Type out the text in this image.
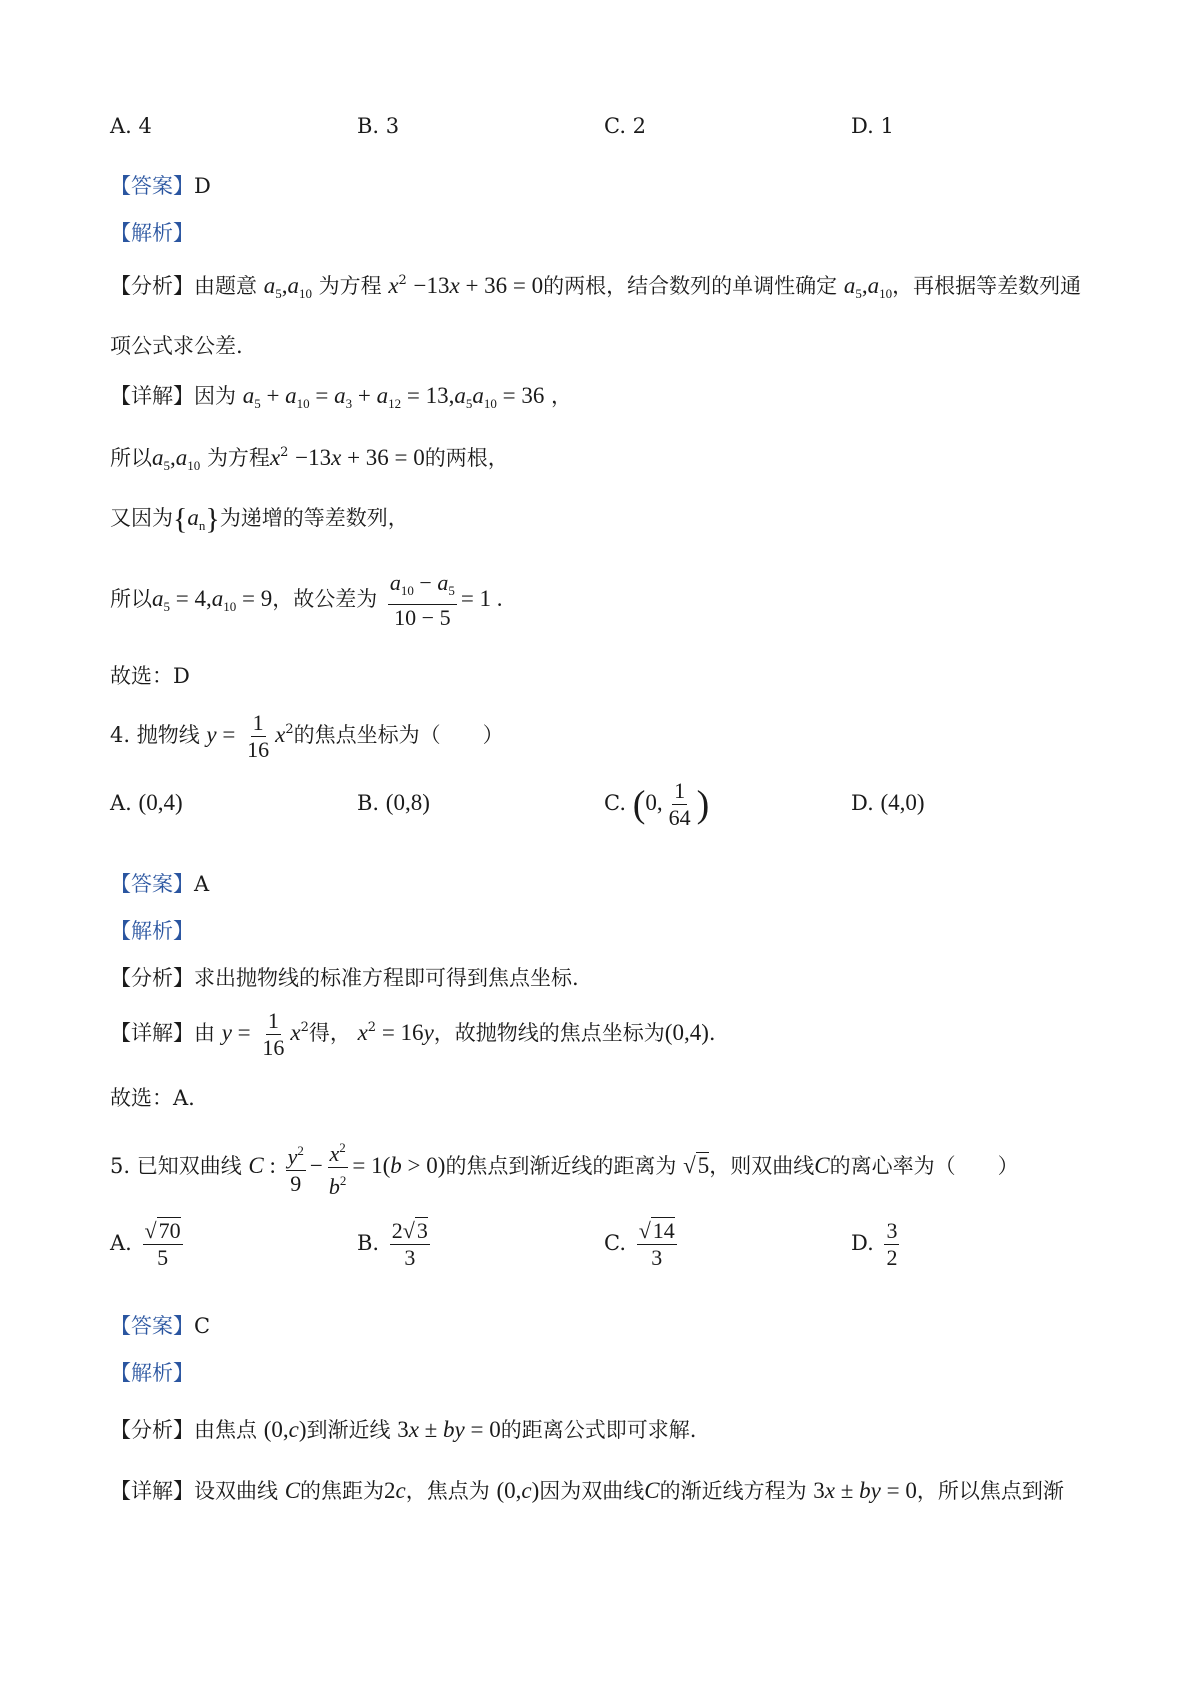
A. 4	B. 3	C. 2	D. 1
【答案】D
【解析】
【分析】由题意 $a_5,a_{10}$ 为方程 $x^2 -13x + 36 = 0$的两根，结合数列的单调性确定 $a_5,a_{10}$，再根据等差数列通
项公式求公差.
【详解】因为 $a_5 + a_{10} = a_3 + a_{12} = 13,a_5a_{10} = 36$ ，
所以$a_5,a_{10}$ 为方程$x^2 -13x + 36 = 0$的两根，
又因为$\{a_n\}$为递增的等差数列，
所以$a_5 = 4,a_{10} = 9$，故公差为 $\frac{a_{10} - a_5}{10 - 5} = 1$ .
故选：D
4. 抛物线 $y = \frac{1}{16} x^2$的焦点坐标为（　　）
A. (0,4)	B. (0,8)	C. (0, $\frac{1}{64}$ )	D. (4,0)
【答案】A
【解析】
【分析】求出抛物线的标准方程即可得到焦点坐标.
【详解】由 $y = \frac{1}{16} x^2$得， $x^2 = 16y$，故抛物线的焦点坐标为(0,4).
故选：A.
5. 已知双曲线 C : $\frac{y^2}{9} - \frac{x^2}{b^2} = 1(b > 0)$的焦点到渐近线的距离为 √5，则双曲线C的离心率为（　　）
A. $\frac{√70}{5}$	B. $\frac{2√3}{3}$	C. $\frac{√14}{3}$	D. $\frac{3}{2}$
【答案】C
【解析】
【分析】由焦点 (0,c)到渐近线 3x ± by = 0的距离公式即可求解.
【详解】设双曲线 C的焦距为2c，焦点为 (0,c)因为双曲线C的渐近线方程为 3x ± by = 0，所以焦点到渐
